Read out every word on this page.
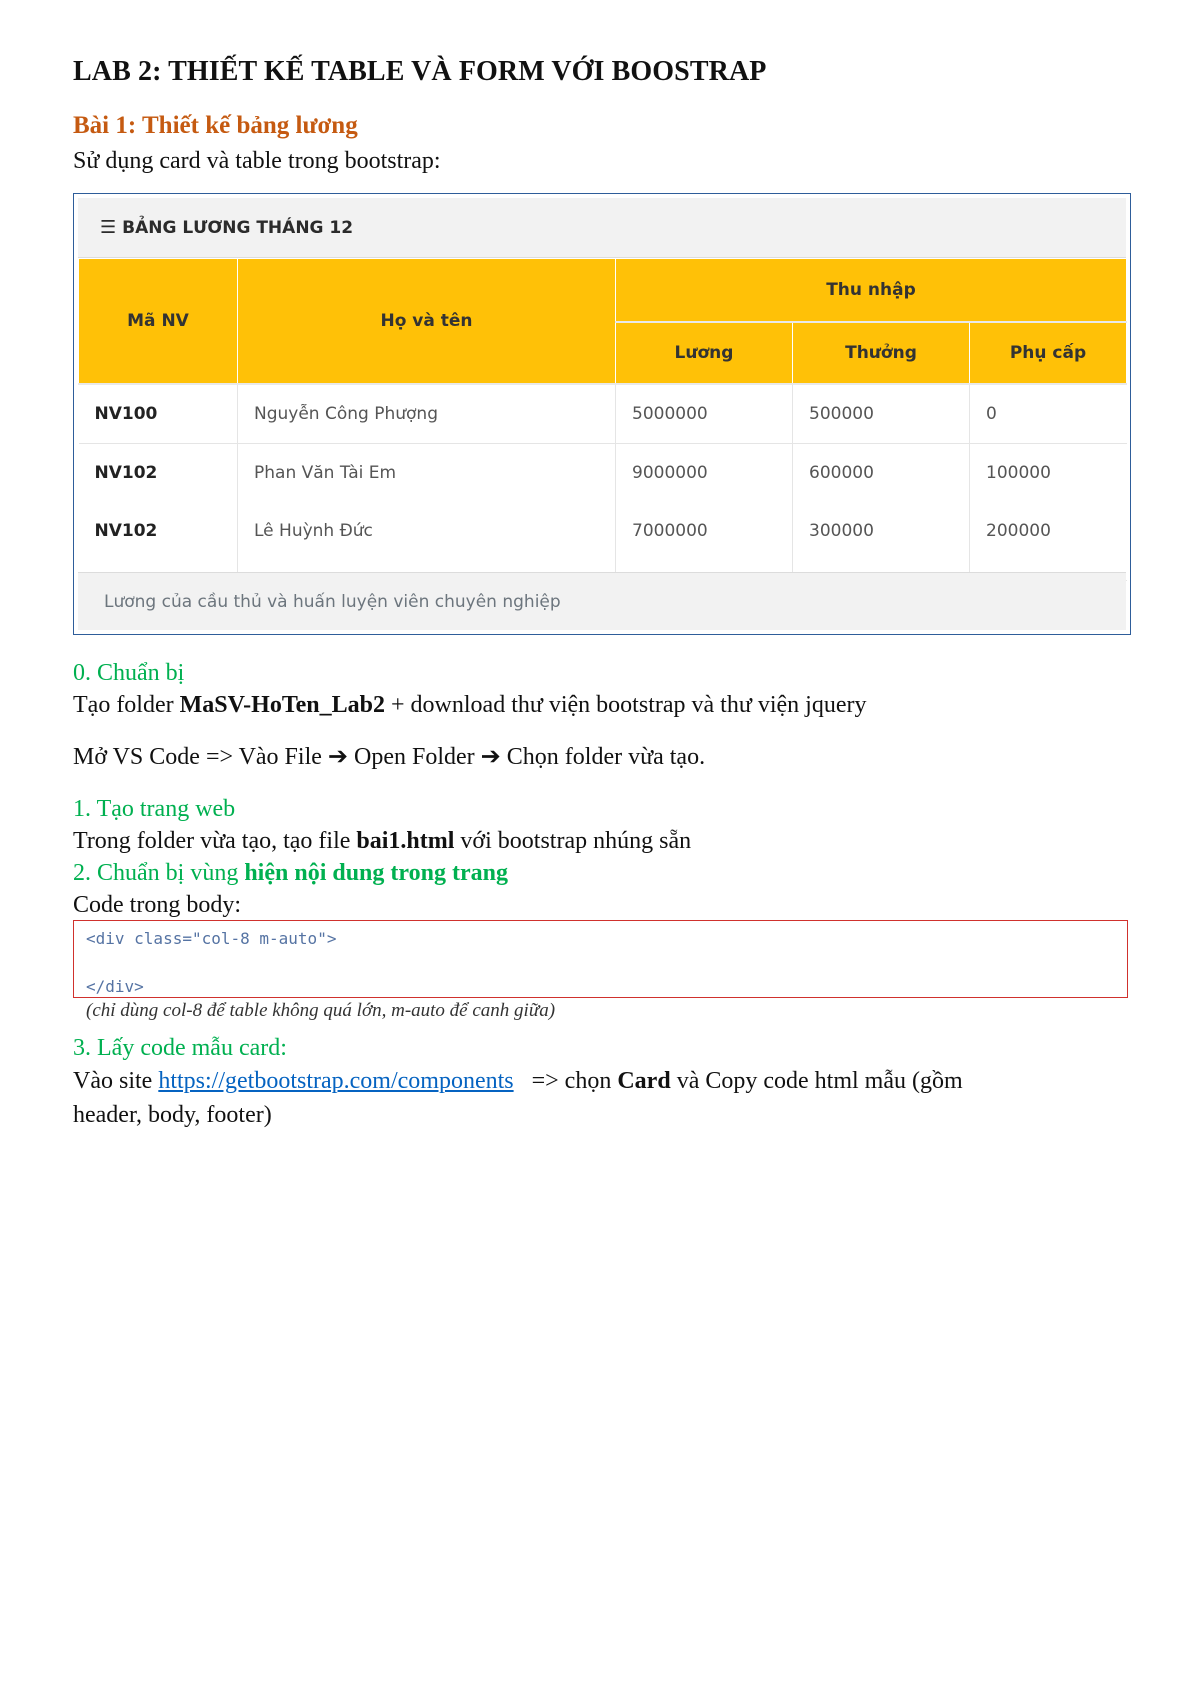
LAB 2: THIẾT KẾ TABLE VÀ FORM VỚI BOOSTRAP
Bài 1: Thiết kế bảng lương
Sử dụng card và table trong bootstrap:
☰ BẢNG LƯƠNG THÁNG 12
Mã NV	Họ và tên	Thu nhập		
		Lương	Thưởng	Phụ cấp
NV100	Nguyễn Công Phượng	5000000	500000	0
NV102	Phan Văn Tài Em	9000000	600000	100000
NV102	Lê Huỳnh Đức	7000000	300000	200000

Lương của cầu thủ và huấn luyện viên chuyên nghiệp
0. Chuẩn bị
Tạo folder MaSV-HoTen_Lab2 + download thư viện bootstrap và thư viện jquery
Mở VS Code => Vào File ➔ Open Folder ➔ Chọn folder vừa tạo.
1. Tạo trang web
Trong folder vừa tạo, tạo file bai1.html với bootstrap nhúng sẵn
2. Chuẩn bị vùng hiện nội dung trong trang
Code trong body:
<div class="col-8 m-auto">
</div>
(chỉ dùng col-8 để table không quá lớn, m-auto để canh giữa)
3. Lấy code mẫu card:
Vào site https://getbootstrap.com/components   => chọn Card và Copy code html mẫu (gồm
header, body, footer)
